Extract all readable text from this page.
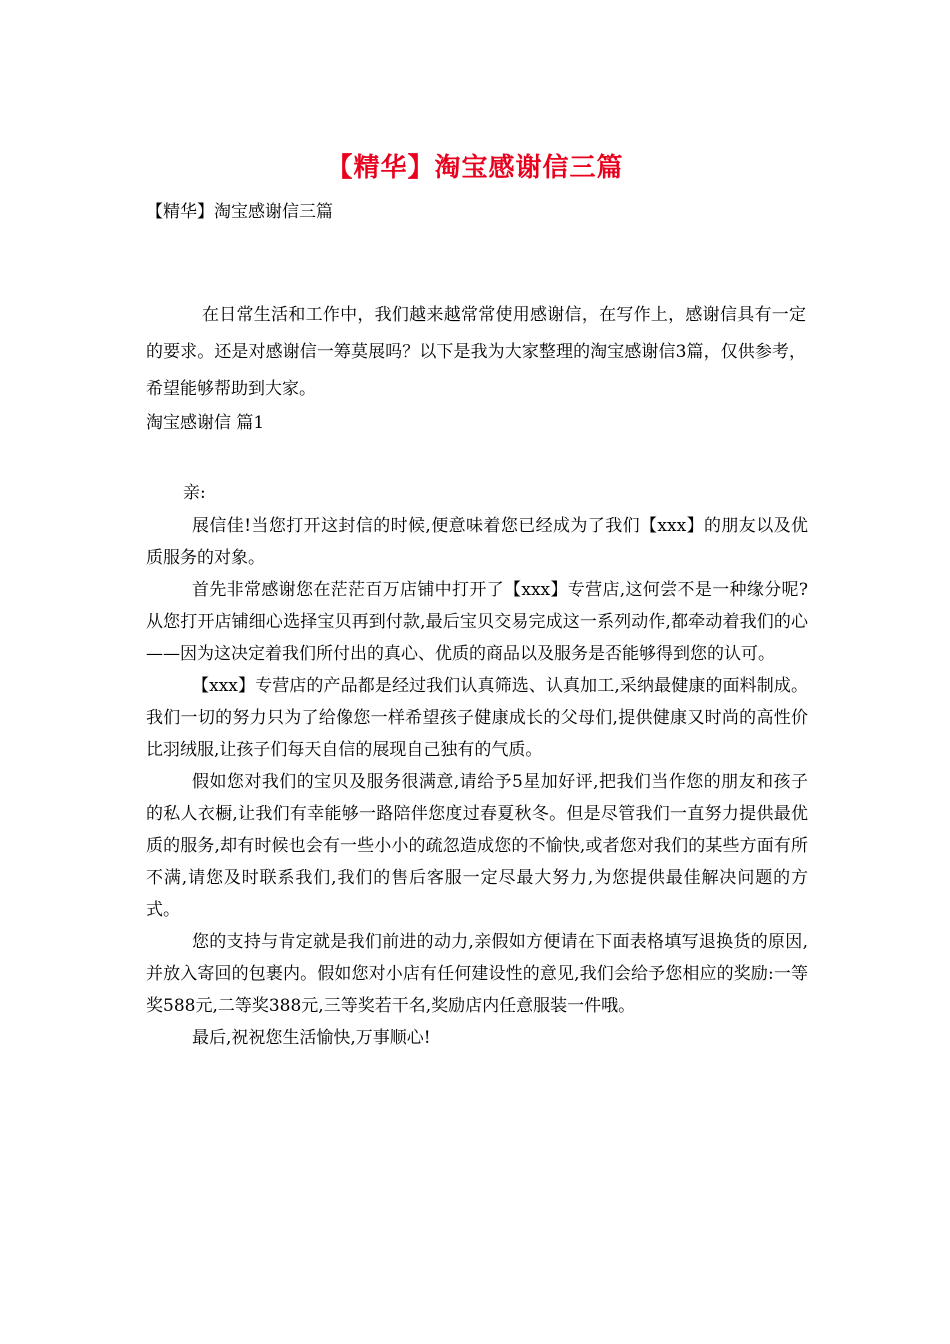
【精华】淘宝感谢信三篇
【精华】淘宝感谢信三篇
在日常生活和工作中，我们越来越常常使用感谢信，在写作上，感谢信具有一定的要求。还是对感谢信一筹莫展吗？以下是我为大家整理的淘宝感谢信3篇，仅供参考，希望能够帮助到大家。
淘宝感谢信 篇1
亲:

展信佳!当您打开这封信的时候,便意味着您已经成为了我们【xxx】的朋友以及优质服务的对象。

首先非常感谢您在茫茫百万店铺中打开了【xxx】专营店,这何尝不是一种缘分呢?从您打开店铺细心选择宝贝再到付款,最后宝贝交易完成这一系列动作,都牵动着我们的心——因为这决定着我们所付出的真心、优质的商品以及服务是否能够得到您的认可。

【xxx】专营店的产品都是经过我们认真筛选、认真加工,采纳最健康的面料制成。我们一切的努力只为了给像您一样希望孩子健康成长的父母们,提供健康又时尚的高性价比羽绒服,让孩子们每天自信的展现自己独有的气质。

假如您对我们的宝贝及服务很满意,请给予5星加好评,把我们当作您的朋友和孩子的私人衣橱,让我们有幸能够一路陪伴您度过春夏秋冬。但是尽管我们一直努力提供最优质的服务,却有时候也会有一些小小的疏忽造成您的不愉快,或者您对我们的某些方面有所不满,请您及时联系我们,我们的售后客服一定尽最大努力,为您提供最佳解决问题的方式。

您的支持与肯定就是我们前进的动力,亲假如方便请在下面表格填写退换货的原因,并放入寄回的包裹内。假如您对小店有任何建设性的意见,我们会给予您相应的奖励:一等奖588元,二等奖388元,三等奖若干名,奖励店内任意服装一件哦。

最后,祝祝您生活愉快,万事顺心!
